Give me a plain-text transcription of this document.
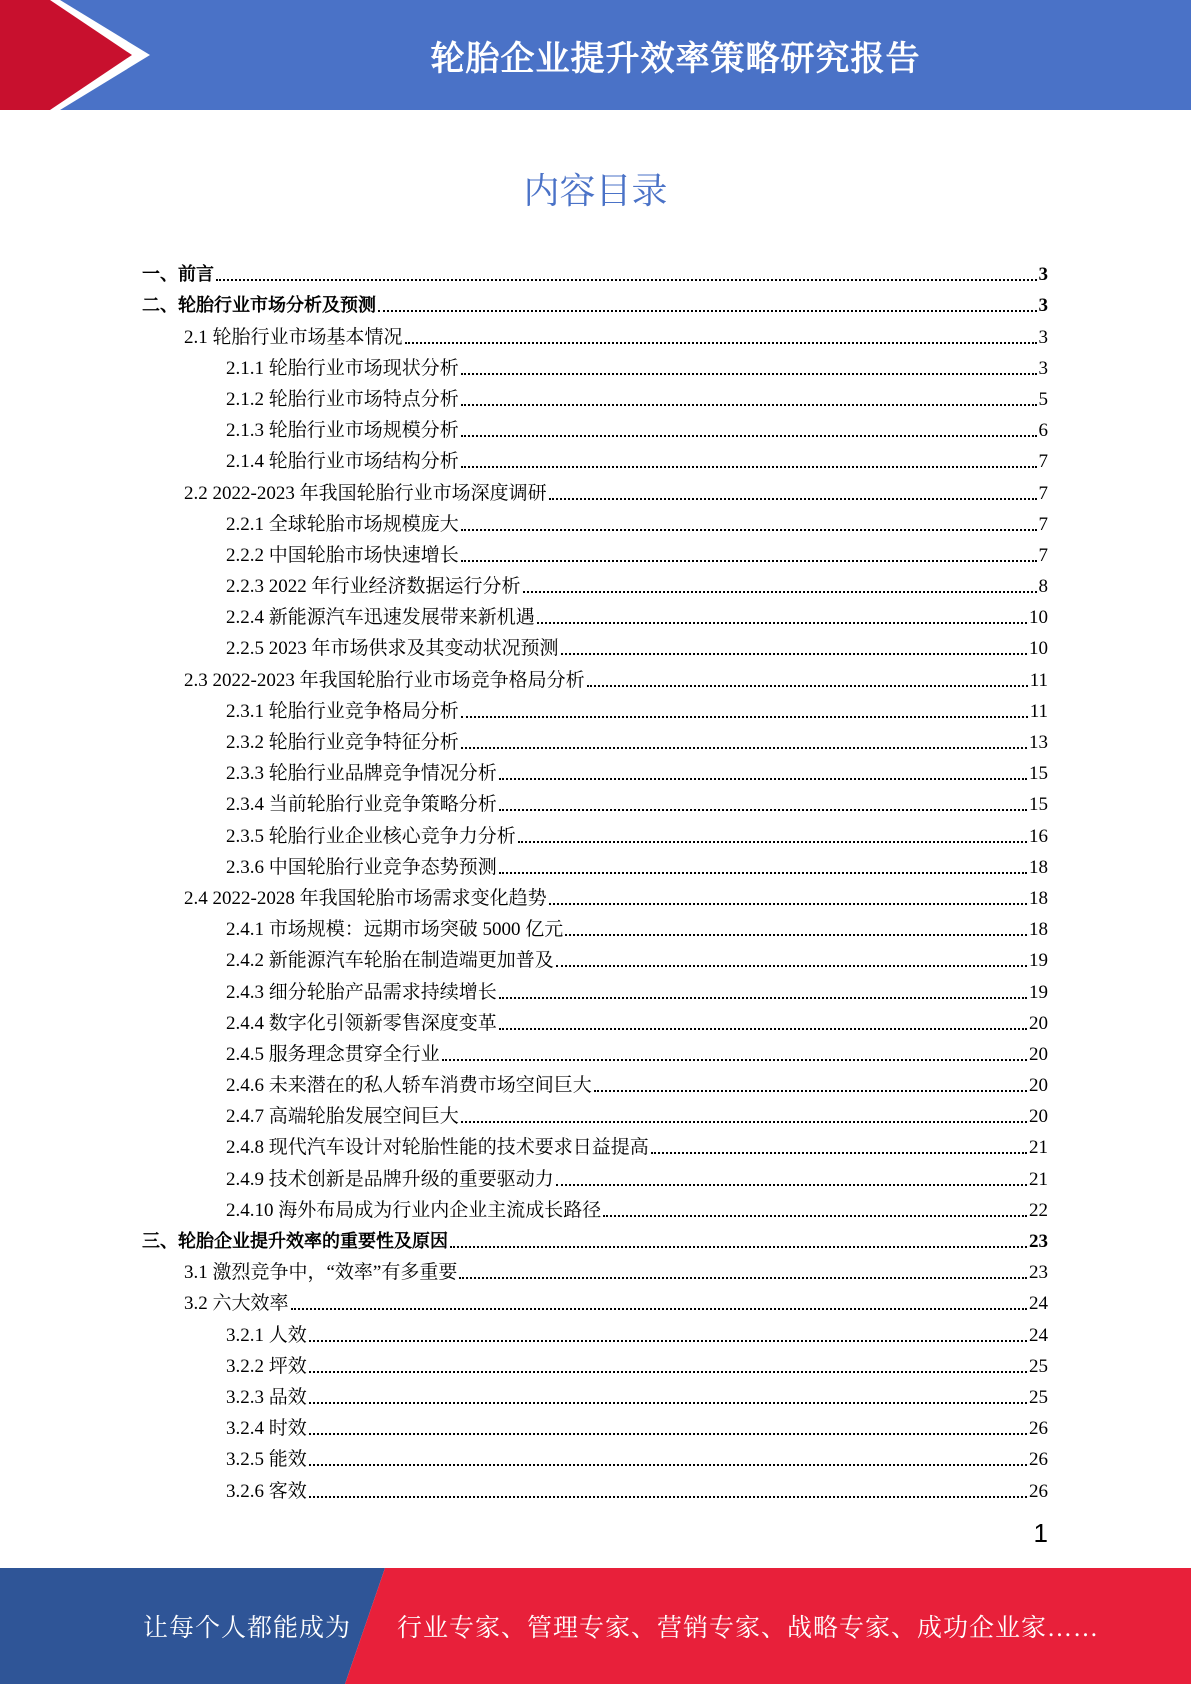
轮胎企业提升效率策略研究报告
内容目录
一、前言	3
二、轮胎行业市场分析及预测	3
2.1 轮胎行业市场基本情况	3
2.1.1 轮胎行业市场现状分析	3
2.1.2 轮胎行业市场特点分析	5
2.1.3 轮胎行业市场规模分析	6
2.1.4 轮胎行业市场结构分析	7
2.2 2022-2023 年我国轮胎行业市场深度调研	7
2.2.1 全球轮胎市场规模庞大	7
2.2.2 中国轮胎市场快速增长	7
2.2.3 2022 年行业经济数据运行分析	8
2.2.4 新能源汽车迅速发展带来新机遇	10
2.2.5 2023 年市场供求及其变动状况预测	10
2.3 2022-2023 年我国轮胎行业市场竞争格局分析	11
2.3.1 轮胎行业竞争格局分析	11
2.3.2 轮胎行业竞争特征分析	13
2.3.3 轮胎行业品牌竞争情况分析	15
2.3.4 当前轮胎行业竞争策略分析	15
2.3.5 轮胎行业企业核心竞争力分析	16
2.3.6 中国轮胎行业竞争态势预测	18
2.4 2022-2028 年我国轮胎市场需求变化趋势	18
2.4.1 市场规模：远期市场突破 5000 亿元	18
2.4.2 新能源汽车轮胎在制造端更加普及	19
2.4.3 细分轮胎产品需求持续增长	19
2.4.4 数字化引领新零售深度变革	20
2.4.5 服务理念贯穿全行业	20
2.4.6 未来潜在的私人轿车消费市场空间巨大	20
2.4.7 高端轮胎发展空间巨大	20
2.4.8 现代汽车设计对轮胎性能的技术要求日益提高	21
2.4.9 技术创新是品牌升级的重要驱动力	21
2.4.10 海外布局成为行业内企业主流成长路径	22
三、轮胎企业提升效率的重要性及原因	23
3.1 激烈竞争中，“效率”有多重要	23
3.2 六大效率	24
3.2.1 人效	24
3.2.2 坪效	25
3.2.3 品效	25
3.2.4 时效	26
3.2.5 能效	26
3.2.6 客效	26
1
让每个人都能成为 行业专家、管理专家、营销专家、战略专家、成功企业家……
